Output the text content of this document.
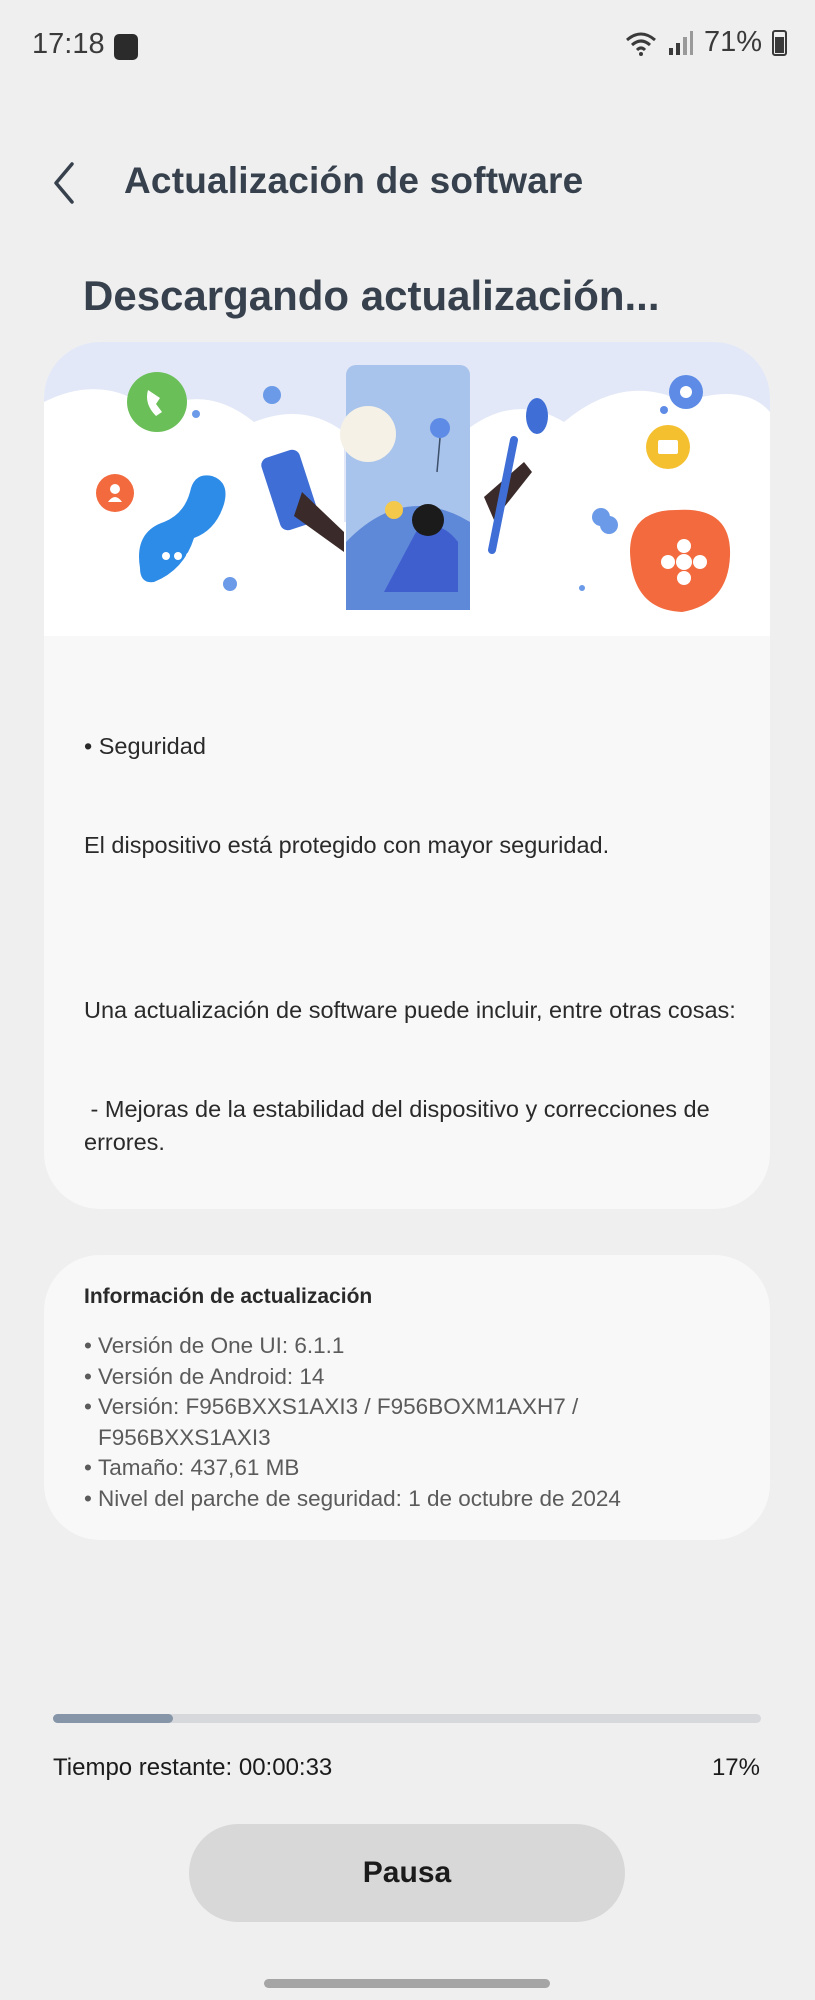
17:18	71%
Actualización de software
Descargando actualización...

• Seguridad

El dispositivo está protegido con mayor seguridad.

Una actualización de software puede incluir, entre otras cosas:

- Mejoras de la estabilidad del dispositivo y correcciones de errores.

Información de actualización
• Versión de One UI: 6.1.1
• Versión de Android: 14
• Versión: F956BXXS1AXI3 / F956BOXM1AXH7 / F956BXXS1AXI3
• Tamaño: 437,61 MB
• Nivel del parche de seguridad: 1 de octubre de 2024
Tiempo restante: 00:00:33	17%
Pausa
